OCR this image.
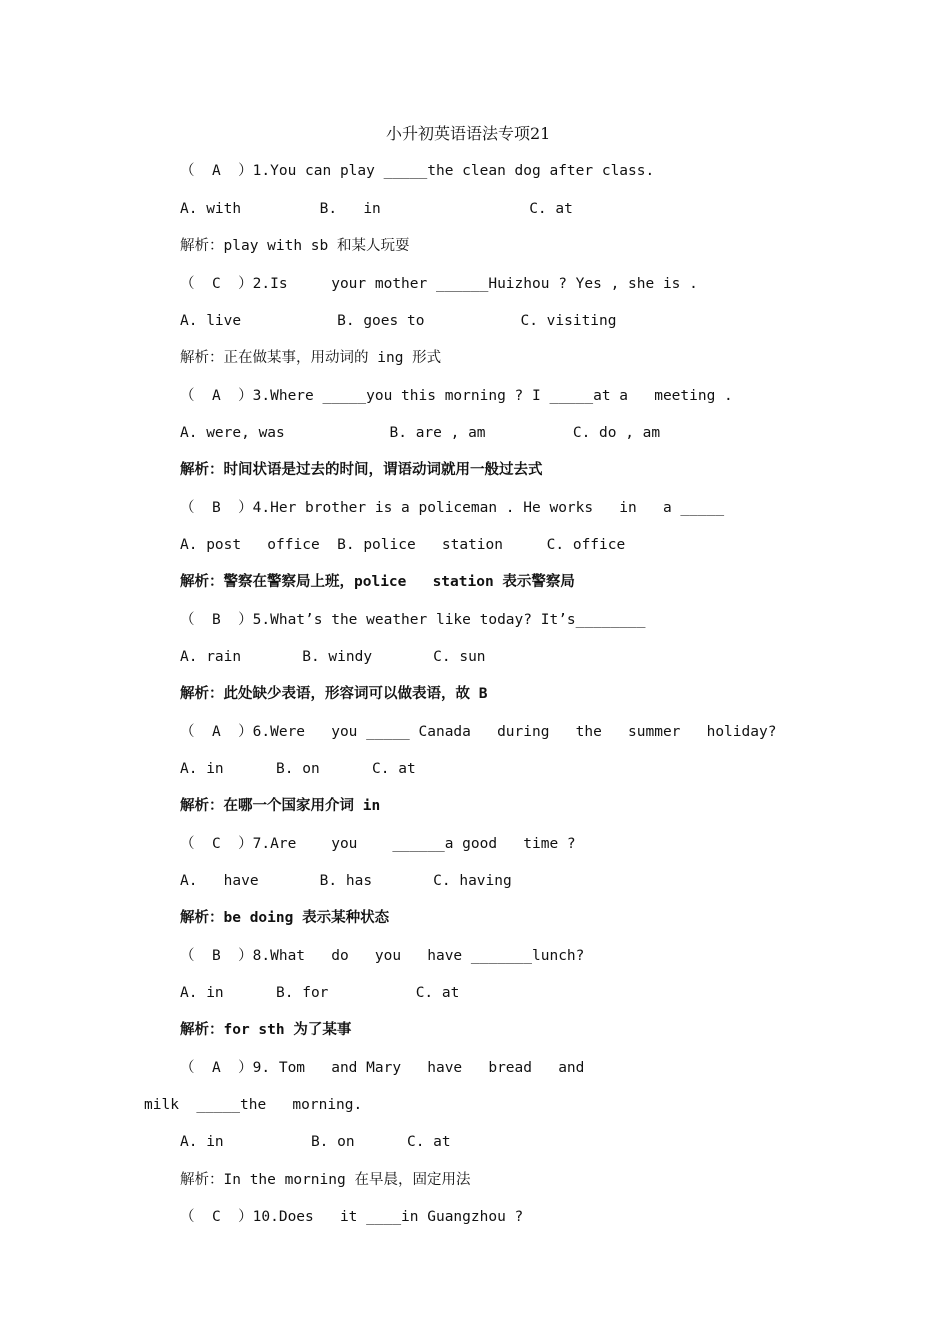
小升初英语语法专项21
（  A  ）1.You can play _____the clean dog after class.
A. with         B.   in                 C. at
解析：play with sb 和某人玩耍
（  C  ）2.Is     your mother ______Huizhou ? Yes , she is .
A. live           B. goes to           C. visiting
解析：正在做某事，用动词的 ing 形式
（  A  ）3.Where _____you this morning ? I _____at a   meeting .
A. were, was            B. are , am          C. do , am
解析：时间状语是过去的时间，谓语动词就用一般过去式
（  B  ）4.Her brother is a policeman . He works   in   a _____
A. post   office  B. police   station     C. office
解析：警察在警察局上班，police   station 表示警察局
（  B  ）5.What’s the weather like today? It’s________
A. rain       B. windy       C. sun
解析：此处缺少表语，形容词可以做表语，故 B
（  A  ）6.Were   you _____ Canada   during   the   summer   holiday?
A. in      B. on      C. at
解析：在哪一个国家用介词 in
（  C  ）7.Are    you    ______a good   time ?
A.   have       B. has       C. having
解析：be doing 表示某种状态
（  B  ）8.What   do   you   have _______lunch?
A. in      B. for          C. at
解析：for sth 为了某事
（  A  ）9. Tom   and Mary   have   bread   and
milk  _____the   morning.
A. in          B. on      C. at
解析：In the morning 在早晨，固定用法
（  C  ）10.Does   it ____in Guangzhou ?
